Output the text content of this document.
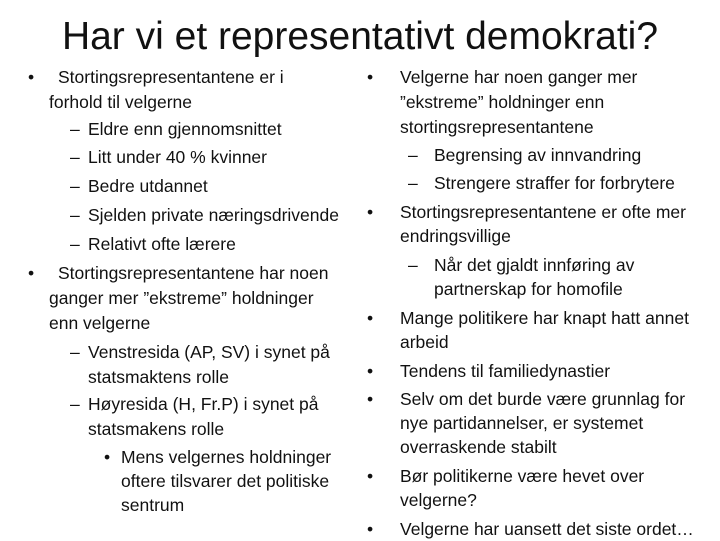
Har vi et representativt demokrati?
• Stortingsrepresentantene er i
forhold til velgerne
– Eldre enn gjennomsnittet
– Litt under 40 % kvinner
– Bedre utdannet
– Sjelden private næringsdrivende
– Relativt ofte lærere
• Stortingsrepresentantene har noen
ganger mer ”ekstreme” holdninger
enn velgerne
– Venstresida (AP, SV) i synet på
statsmaktens rolle
– Høyresida (H, Fr.P) i synet på
statsmakens rolle
• Mens velgernes holdninger
oftere tilsvarer det politiske
sentrum
• Velgerne har noen ganger mer
”ekstreme” holdninger enn
stortingsrepresentantene
– Begrensing av innvandring
– Strengere straffer for forbrytere
• Stortingsrepresentantene er ofte mer
endringsvillige
– Når det gjaldt innføring av
partnerskap for homofile
• Mange politikere har knapt hatt annet
arbeid
• Tendens til familiedynastier
• Selv om det burde være grunnlag for
nye partidannelser, er systemet
overraskende stabilt
• Bør politikerne være hevet over
velgerne?
• Velgerne har uansett det siste ordet…
